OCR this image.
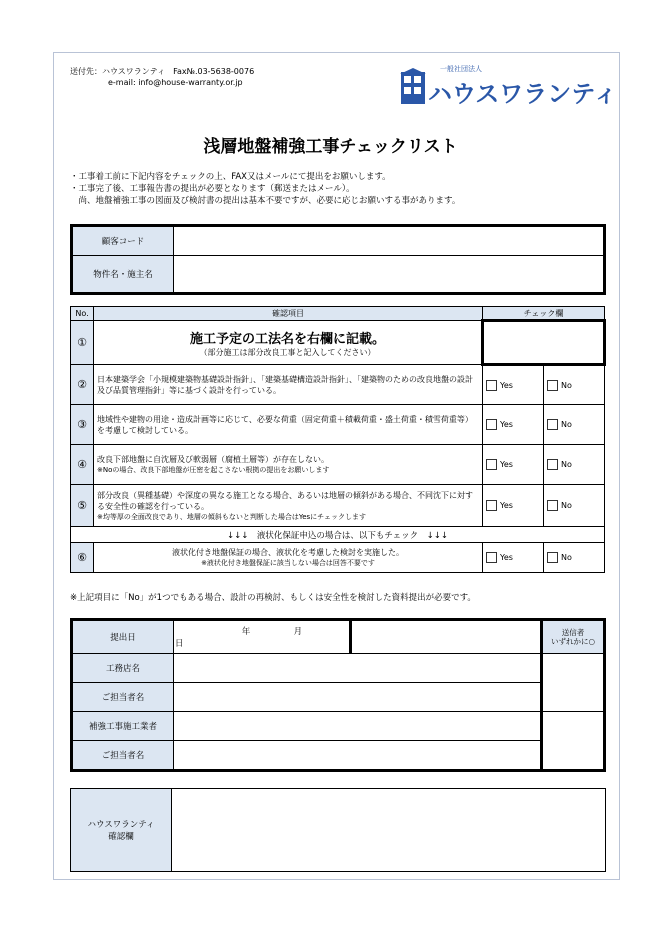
送付先：ハウスワランティ　Fax№.03-5638-0076
e-mail: info@house-warranty.or.jp
一般社団法人
ハウスワランティ
浅層地盤補強工事チェックリスト
・工事着工前に下記内容をチェックの上、FAX又はメールにて提出をお願いします。
・工事完了後、工事報告書の提出が必要となります（郵送またはメール）。
　尚、地盤補強工事の図面及び検討書の提出は基本不要ですが、必要に応じお願いする事があります。
顧客コード	
物件名・施主名	
No.	確認項目	チェック欄	
①	施工予定の工法名を右欄に記載。
（部分施工は部分改良工事と記入してください）		

②	日本建築学会「小規模建築物基礎設計指針」、「建築基礎構造設計指針」、「建築物のための改良地盤の設計及び品質管理指針」等に基づく設計を行っている。	Yes	No
③	地域性や建物の用途・造成計画等に応じて、必要な荷重（固定荷重＋積載荷重・盛土荷重・積雪荷重等）を考慮して検討している。	Yes	No
④	改良下部地盤に自沈層及び軟弱層（腐植土層等）が存在しない。
※Noの場合、改良下部地盤が圧密を起こさない根拠の提出をお願いします	Yes	No
⑤	部分改良（異種基礎）や深度の異なる施工となる場合、あるいは地層の傾斜がある場合、不同沈下に対する安全性の確認を行っている。
※均等厚の全面改良であり、地層の傾斜もないと判断した場合はYesにチェックします	Yes	No
↓↓↓　液状化保証申込の場合は、以下もチェック　↓↓↓			
⑥	液状化付き地盤保証の場合、液状化を考慮した検討を実施した。
※液状化付き地盤保証に該当しない場合は回答不要です	Yes	No
※上記項目に「No」が1つでもある場合、設計の再検討、もしくは安全性を検討した資料提出が必要です。
提出日	年 月  日		送信者
いずれかに○

工務店名			
ご担当者名			
補強工事施工業者			
ご担当者名			
ハウスワランティ
確認欄
